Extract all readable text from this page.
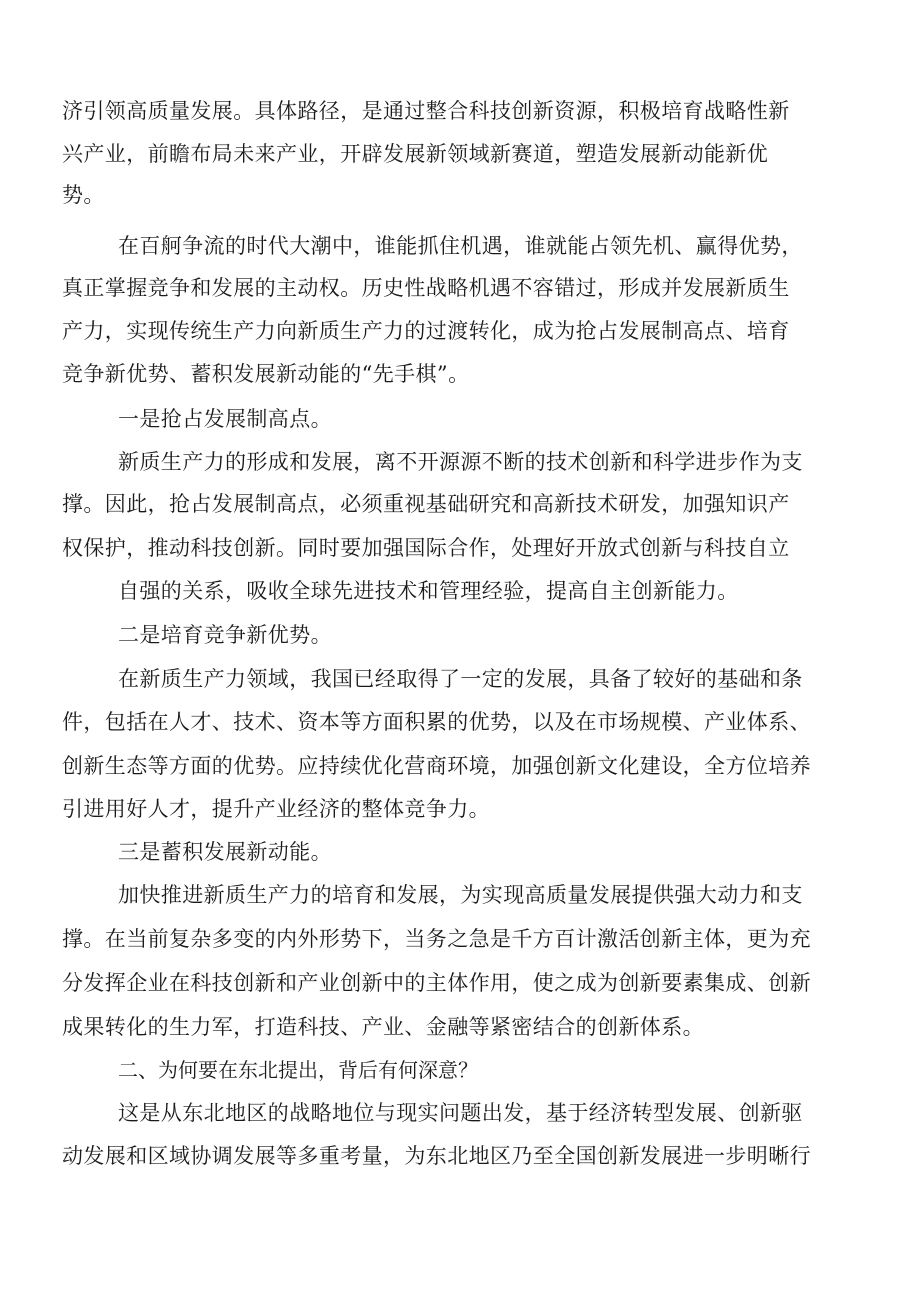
济引领高质量发展。具体路径，是通过整合科技创新资源，积极培育战略性新
兴产业，前瞻布局未来产业，开辟发展新领域新赛道，塑造发展新动能新优
势。
在百舸争流的时代大潮中，谁能抓住机遇，谁就能占领先机、赢得优势，
真正掌握竞争和发展的主动权。历史性战略机遇不容错过，形成并发展新质生
产力，实现传统生产力向新质生产力的过渡转化，成为抢占发展制高点、培育
竞争新优势、蓄积发展新动能的“先手棋”。
一是抢占发展制高点。
新质生产力的形成和发展，离不开源源不断的技术创新和科学进步作为支
撑。因此，抢占发展制高点，必须重视基础研究和高新技术研发，加强知识产
权保护，推动科技创新。同时要加强国际合作，处理好开放式创新与科技自立
自强的关系，吸收全球先进技术和管理经验，提高自主创新能力。
二是培育竞争新优势。
在新质生产力领域，我国已经取得了一定的发展，具备了较好的基础和条
件，包括在人才、技术、资本等方面积累的优势，以及在市场规模、产业体系、
创新生态等方面的优势。应持续优化营商环境，加强创新文化建设，全方位培养
引进用好人才，提升产业经济的整体竞争力。
三是蓄积发展新动能。
加快推进新质生产力的培育和发展，为实现高质量发展提供强大动力和支
撑。在当前复杂多变的内外形势下，当务之急是千方百计激活创新主体，更为充
分发挥企业在科技创新和产业创新中的主体作用，使之成为创新要素集成、创新
成果转化的生力军，打造科技、产业、金融等紧密结合的创新体系。
二、为何要在东北提出，背后有何深意？
这是从东北地区的战略地位与现实问题出发，基于经济转型发展、创新驱
动发展和区域协调发展等多重考量，为东北地区乃至全国创新发展进一步明晰行
